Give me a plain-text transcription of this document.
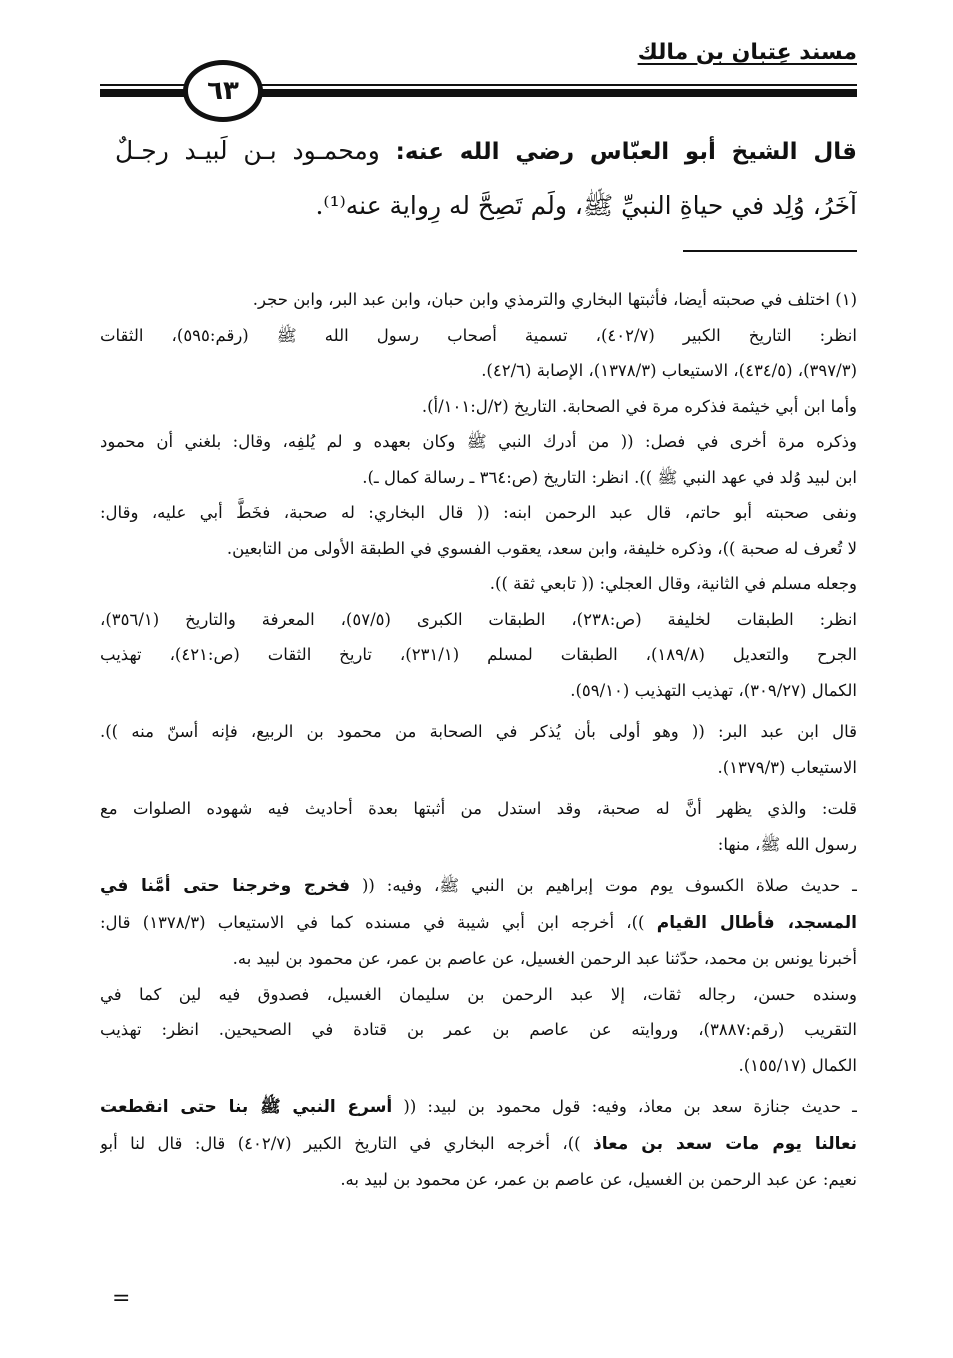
مسند عِتبان بن مالك
٦٣
قال الشيخ أبو العبّاس رضي الله عنه: ومحمـود بـن لَبيـد رجـلٌ
آخَرُ، وُلِد في حياةِ النبيِّ ﷺ، ولَم تَصِحَّ له رِواية عنه⁽¹⁾.
(١) اختلف في صحبته أيضا، فأثبتها البخاري والترمذي وابن حبان، وابن عبد البر، وابن حجر.
انظر: التاريخ الكبير (٤٠٢/٧)، تسمية أصحاب رسول الله ﷺ (رقم:٥٩٥)، الثقات
(٣٩٧/٣)، (٤٣٤/٥)، الاستيعاب (١٣٧٨/٣)، الإصابة (٤٢/٦).
وأما ابن أبي خيثمة فذكره مرة في الصحابة. التاريخ (٢/ل:١٠١/أ).
وذكره مرة أخرى في فصل: (( من أدرك النبي ﷺ وكان بعهده و لم يُلفِه، وقال: بلغني أن محمود
ابن لبيد وُلد في عهد النبي ﷺ )). انظر: التاريخ (ص:٣٦٤ ـ رسالة كمال ـ).
ونفى صحبته أبو حاتم، قال عبد الرحمن ابنه: (( قال البخاري: له صحبة، فخَطَّ أبي عليه، وقال:
لا تُعرف له صحبة ))، وذكره خليفة، وابن سعد، يعقوب الفسوي في الطبقة الأولى من التابعين.
وجعله مسلم في الثانية، وقال العجلي: (( تابعي ثقة )).
انظر: الطبقات لخليفة (ص:٢٣٨)، الطبقات الكبرى (٥٧/٥)، المعرفة والتاريخ (٣٥٦/١)،
الجرح والتعديل (١٨٩/٨)، الطبقات لمسلم (٢٣١/١)، تاريخ الثقات (ص:٤٢١)، تهذيب
الكمال (٣٠٩/٢٧)، تهذيب التهذيب (٥٩/١٠).
قال ابن عبد البر: (( وهو أولى بأن يُذكر في الصحابة من محمود بن الربيع، فإنه أسنّ منه )).
الاستيعاب (١٣٧٩/٣).
قلت: والذي يظهر أنَّ له صحبة، وقد استدل من أثبتها بعدة أحاديث فيه شهوده الصلوات مع
رسول الله ﷺ، منها:
ـ حديث صلاة الكسوف يوم موت إبراهيم بن النبي ﷺ، وفيه: (( فخرج وخرجنا حتى أمَّنا في
المسجد، فأطال القيام ))، أخرجه ابن أبي شيبة في مسنده كما في الاستيعاب (١٣٧٨/٣) قال:
أخبرنا يونس بن محمد، حدّثنا عبد الرحمن الغسيل، عن عاصم بن عمر، عن محمود بن لبيد به.
وسنده حسن، رجاله ثقات، إلا عبد الرحمن بن سليمان الغسيل، فصدوق فيه لين كما في
التقريب (رقم:٣٨٨٧)، وروايته عن عاصم بن عمر بن قتادة في الصحيحين. انظر: تهذيب
الكمال (١٥٥/١٧).
ـ حديث جنازة سعد بن معاذ، وفيه: قول محمود بن لبيد: (( أسرع النبي ﷺ بنا حتى انقطعت
نعالنا يوم مات سعد بن معاذ ))، أخرجه البخاري في التاريخ الكبير (٤٠٢/٧) قال: قال لنا أبو
نعيم: عن عبد الرحمن بن الغسيل، عن عاصم بن عمر، عن محمود بن لبيد به.
=
